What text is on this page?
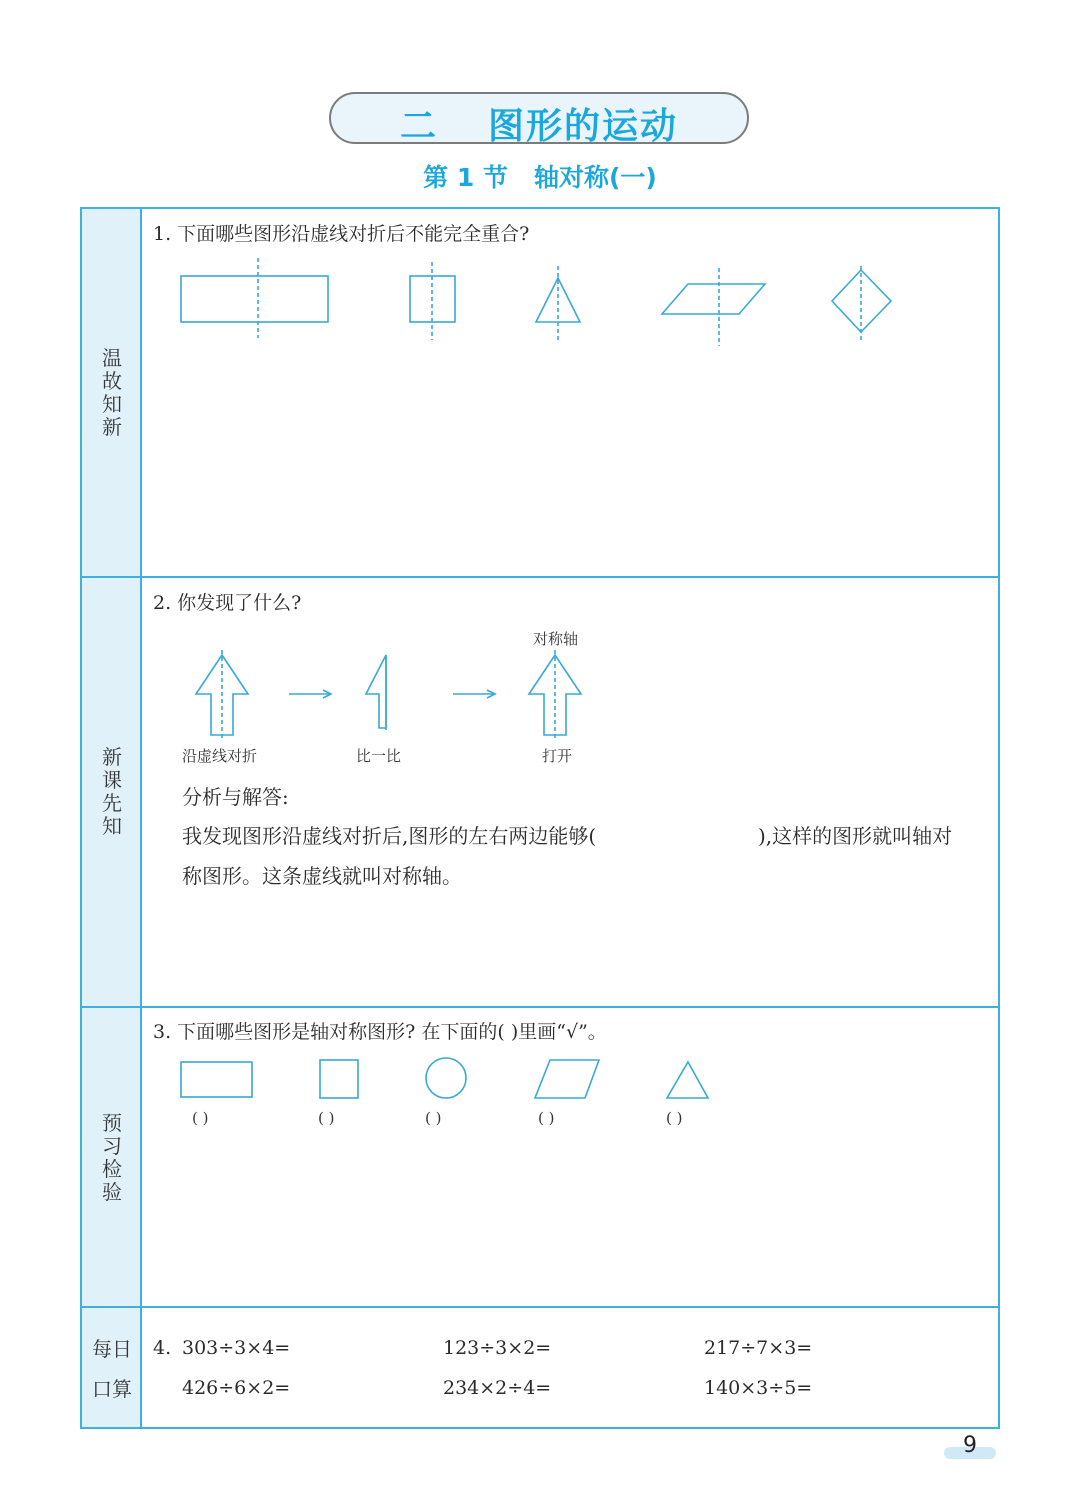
二 图形的运动
第 1 节 轴对称(一)
温
故
知
新
新
课
先
知
预
习
检
验
每日
口算
1. 下面哪些图形沿虚线对折后不能完全重合?
2. 你发现了什么?
对称轴
沿虚线对折	比一比	打开
分析与解答:
我发现图形沿虚线对折后,图形的左右两边能够(	),这样的图形就叫轴对
称图形。这条虚线就叫对称轴。
3. 下面哪些图形是轴对称图形? 在下面的( )里画“√”。
( )	( )	( )	( )	( )
4. 303÷3×4=	123÷3×2=	217÷7×3=
426÷6×2=	234×2÷4=	140×3÷5=
9
